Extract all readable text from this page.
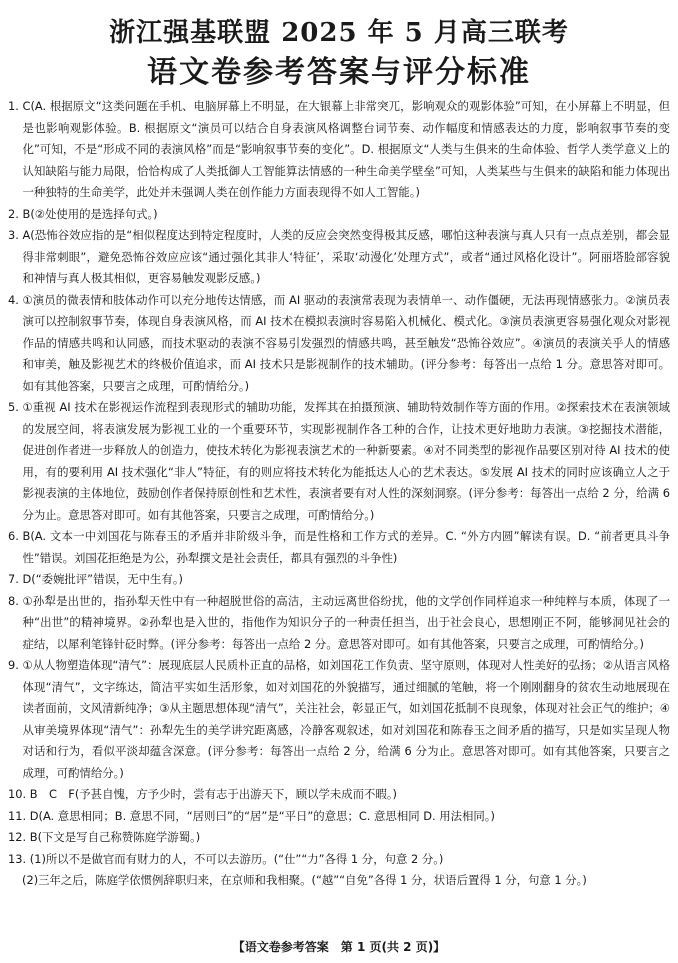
浙江强基联盟 2025 年 5 月高三联考
语文卷参考答案与评分标准
1. C(A. 根据原文“这类问题在手机、电脑屏幕上不明显，在大银幕上非常突兀，影响观众的观影体验”可知，在小屏幕上不明显，但是也影响观影体验。B. 根据原文“演员可以结合自身表演风格调整台词节奏、动作幅度和情感表达的力度，影响叙事节奏的变化”可知，不是“形成不同的表演风格”而是“影响叙事节奏的变化”。D. 根据原文“人类与生俱来的生命体验、哲学人类学意义上的认知缺陷与能力局限，恰恰构成了人类抵御人工智能算法情感的一种生命美学壁垒”可知，人类某些与生俱来的缺陷和能力体现出一种独特的生命美学，此处并未强调人类在创作能力方面表现得不如人工智能。)
2. B(②处使用的是选择句式。)
3. A(恐怖谷效应指的是“相似程度达到特定程度时，人类的反应会突然变得极其反感，哪怕这种表演与真人只有一点点差别，都会显得非常刺眼”，避免恐怖谷效应应该“通过强化其非人‘特征’，采取‘动漫化’处理方式”，或者“通过风格化设计”。阿丽塔脸部容貌和神情与真人极其相似，更容易触发观影反感。)
4. ①演员的微表情和肢体动作可以充分地传达情感，而 AI 驱动的表演常表现为表情单一、动作僵硬，无法再现情感张力。②演员表演可以控制叙事节奏，体现自身表演风格，而 AI 技术在模拟表演时容易陷入机械化、模式化。③演员表演更容易强化观众对影视作品的情感共鸣和认同感，而技术驱动的表演不容易引发强烈的情感共鸣，甚至触发“恐怖谷效应”。④演员的表演关乎人的情感和审美，触及影视艺术的终极价值追求，而 AI 技术只是影视制作的技术辅助。(评分参考：每答出一点给 1 分。意思答对即可。如有其他答案，只要言之成理，可酌情给分。)
5. ①重视 AI 技术在影视运作流程到表现形式的辅助功能，发挥其在拍摄预演、辅助特效制作等方面的作用。②探索技术在表演领域的发展空间，将表演发展为影视工业的一个重要环节，实现影视制作各工种的合作，让技术更好地助力表演。③挖掘技术潜能，促进创作者进一步释放人的创造力，使技术转化为影视表演艺术的一种新要素。④对不同类型的影视作品要区别对待 AI 技术的使用，有的要利用 AI 技术强化“非人”特征，有的则应将技术转化为能抵达人心的艺术表达。⑤发展 AI 技术的同时应该确立人之于影视表演的主体地位，鼓励创作者保持原创性和艺术性，表演者要有对人性的深刻洞察。(评分参考：每答出一点给 2 分，给满 6 分为止。意思答对即可。如有其他答案，只要言之成理，可酌情给分。)
6. B(A. 文本一中刘国花与陈春玉的矛盾并非阶级斗争，而是性格和工作方式的差异。C. “外方内圆”解读有误。D. “前者更具斗争性”错误。刘国花拒绝是为公，孙犁撰文是社会责任，都具有强烈的斗争性)
7. D(“委婉批评”错误，无中生有。)
8. ①孙犁是出世的，指孙犁天性中有一种超脱世俗的高洁，主动远离世俗纷扰，他的文学创作同样追求一种纯粹与本质，体现了一种“出世”的精神境界。②孙犁也是入世的，指他作为知识分子的一种责任担当，出于社会良心，思想刚正不阿，能够洞见社会的症结，以犀利笔锋针砭时弊。(评分参考：每答出一点给 2 分。意思答对即可。如有其他答案，只要言之成理，可酌情给分。)
9. ①从人物塑造体现“清气”：展现底层人民质朴正直的品格，如刘国花工作负责、坚守原则，体现对人性美好的弘扬；②从语言风格体现“清气”，文字练达，简洁平实如生活形象，如对刘国花的外貌描写，通过细腻的笔触，将一个刚刚翻身的贫农生动地展现在读者面前，文风清新纯净；③从主题思想体现“清气”，关注社会，彰显正气，如刘国花抵制不良现象，体现对社会正气的维护；④从审美境界体现“清气”：孙犁先生的美学讲究距离感，冷静客观叙述，如对刘国花和陈春玉之间矛盾的描写，只是如实呈现人物对话和行为，看似平淡却蕴含深意。(评分参考：每答出一点给 2 分，给满 6 分为止。意思答对即可。如有其他答案，只要言之成理，可酌情给分。)
10. B　C　F(予甚自愧，方予少时，尝有志于出游天下，顾以学未成而不暇。)
11. D(A. 意思相同；B. 意思不同，“居则曰”的“居”是“平日”的意思；C. 意思相同 D. 用法相同。)
12. B(下文是写自己称赞陈庭学游蜀。)
13. (1)所以不是做官而有财力的人，不可以去游历。(“仕”“力”各得 1 分，句意 2 分。)
(2)三年之后，陈庭学依惯例辞职归来，在京师和我相聚。(“越”“自免”各得 1 分，状语后置得 1 分，句意 1 分。)
【语文卷参考答案　第 1 页(共 2 页)】
